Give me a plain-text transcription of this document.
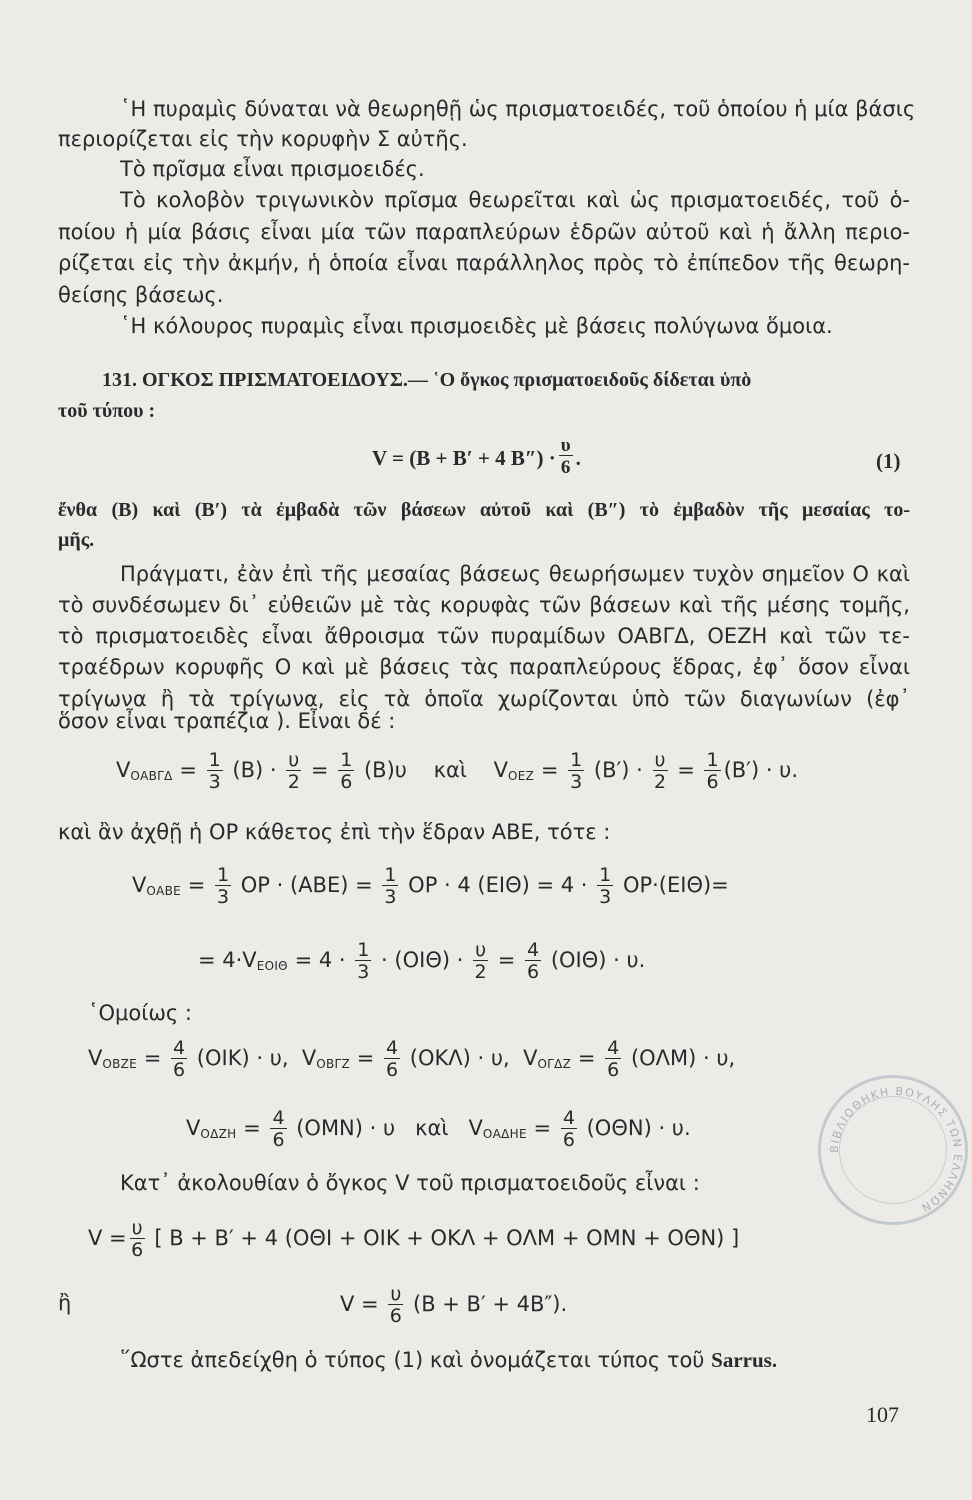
῾Η πυραμὶς δύναται νὰ θεωρηθῇ ὡς πρισματοειδές, τοῦ ὁποίου ἡ μία βάσις
περιορίζεται εἰς τὴν κορυφὴν Σ αὐτῆς.
Τὸ πρῖσμα εἶναι πρισμοειδές.
Τὸ κολοβὸν τριγωνικὸν πρῖσμα θεωρεῖται καὶ ὡς πρισματοειδές, τοῦ ὁ-
ποίου ἡ μία βάσις εἶναι μία τῶν παραπλεύρων ἑδρῶν αὐτοῦ καὶ ἡ ἄλλη περιο-
ρίζεται εἰς τὴν ἀκμήν, ἡ ὁποία εἶναι παράλληλος πρὸς τὸ ἐπίπεδον τῆς θεωρη-
θείσης βάσεως.
῾Η κόλουρος πυραμὶς εἶναι πρισμοειδὲς μὲ βάσεις πολύγωνα ὅμοια.
131. ΟΓΚΟΣ ΠΡΙΣΜΑΤΟΕΙΔΟΥΣ.— ῾Ο ὄγκος πρισματοειδοῦς δίδεται ὑπὸ
τοῦ τύπου :
V = (B + B′ + 4 $B'') \cdot \frac{\upsilon}{6}$ .	(1)
ἔνθα (B) καὶ (B′) τὰ ἐμβαδὰ τῶν βάσεων αὐτοῦ καὶ (B″) τὸ ἐμβαδὸν τῆς μεσαίας το-
μῆς.
Πράγματι, ἐὰν ἐπὶ τῆς μεσαίας βάσεως θεωρήσωμεν τυχὸν σημεῖον Ο καὶ
τὸ συνδέσωμεν δι᾿ εὐθειῶν μὲ τὰς κορυφὰς τῶν βάσεων καὶ τῆς μέσης τομῆς,
τὸ πρισματοειδὲς εἶναι ἄθροισμα τῶν πυραμίδων ΟΑΒΓΔ, ΟΕΖΗ καὶ τῶν τε-
τραέδρων κορυφῆς Ο καὶ μὲ βάσεις τὰς παραπλεύρους ἕδρας, ἐφ᾿ ὅσον εἶναι
τρίγωνα ἢ τὰ τρίγωνα, εἰς τὰ ὁποῖα χωρίζονται ὑπὸ τῶν διαγωνίων (ἐφ᾿
ὅσον εἶναι τραπέζια ). Εἶναι δέ :
$V_{OAB\Gamma\Delta} = \frac{1}{3} (B) \cdot \frac{\upsilon}{2} = \frac{1}{6} (B)\upsilon$ καὶ $V_{OEZ} = \frac{1}{3} (B') \cdot \frac{\upsilon}{2} = \frac{1}{6} (B') \cdot \upsilon$.
καὶ ἂν ἀχθῇ ἡ ΟΡ κάθετος ἐπὶ τὴν ἕδραν ΑΒΕ, τότε :
$V_{OABE} = \frac{1}{3}$ $OP \cdot (ABE) = \frac{1}{3}$ ΟΡ · 4 $(EI\Theta) = 4 \cdot \frac{1}{3} OP\cdot(EI\Theta)=$
= $4\cdot V_{EOI\Theta} = 4 \cdot \frac{1}{3} \cdot (OI\Theta) \cdot \frac{\upsilon}{2} = \frac{4}{6} (OI\Theta) \cdot \upsilon$.
῾Ομοίως :
$V_{OBZE} = \frac{4}{6} (OIK) \cdot \upsilon$, $V_{OB\Gamma Z} = \frac{4}{6} (OK\Lambda) \cdot \upsilon$, $V_{O\Gamma\Delta Z} = \frac{4}{6} (O\Lambda M) \cdot \upsilon$,
$V_{O\Delta ZH} = \frac{4}{6} (OMN) \cdot \upsilon$ καὶ $V_{OA\Delta HE} = \frac{4}{6} (O\Theta N) \cdot \upsilon$.
Κατ᾿ ἀκολουθίαν ὁ ὄγκος V τοῦ πρισματοειδοῦς εἶναι :
$V = \frac{\upsilon}{6}$ [ Β + Β′ + 4 (ΟΘΙ + ΟΙΚ + ΟΚΛ + ΟΛΜ + ΟΜΝ + ΟΘΝ) ]
ἢ	$V = \frac{\upsilon}{6} (B + B' + 4B'')$.
῞Ωστε ἀπεδείχθη ὁ τύπος (1) καὶ ὀνομάζεται τύπος τοῦ Sarrus.
ΒΙΒΛΙΟΘΗΚΗ ΒΟΥΛΗΣ ΤΩΝ ΕΛΛΗΝΩΝ
107
